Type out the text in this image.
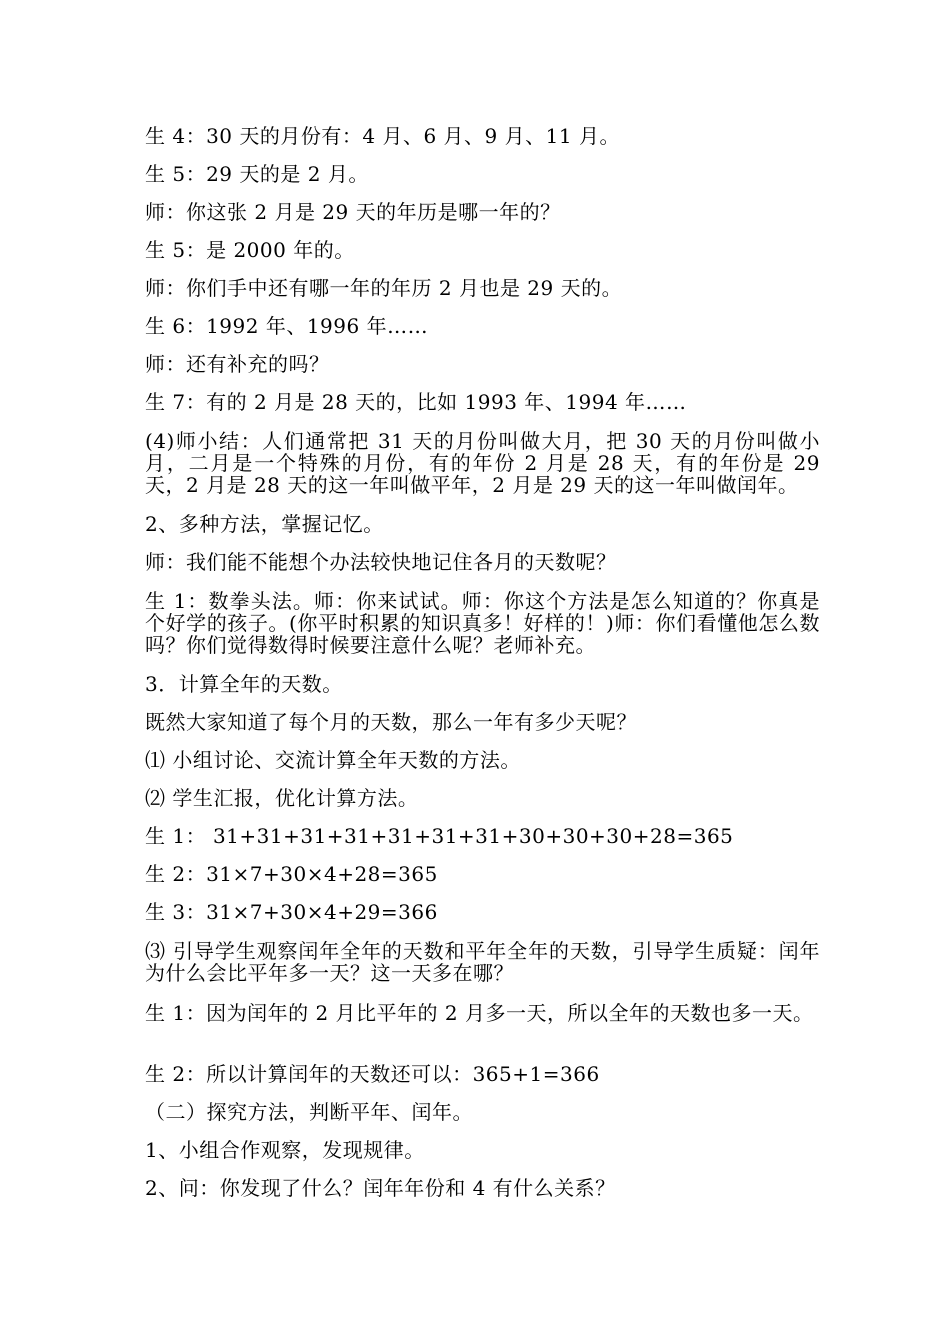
生 4：30 天的月份有：4 月、6 月、9 月、11 月。
生 5：29 天的是 2 月。
师：你这张 2 月是 29 天的年历是哪一年的？
生 5：是 2000 年的。
师：你们手中还有哪一年的年历 2 月也是 29 天的。
生 6：1992 年、1996 年……
师：还有补充的吗？
生 7：有的 2 月是 28 天的，比如 1993 年、1994 年……
(4)师小结：人们通常把 31 天的月份叫做大月，把 30 天的月份叫做小月，二月是一个特殊的月份，有的年份 2 月是 28 天，有的年份是 29 天，2 月是 28 天的这一年叫做平年，2 月是 29 天的这一年叫做闰年。
2、多种方法，掌握记忆。
师：我们能不能想个办法较快地记住各月的天数呢？
生 1：数拳头法。师：你来试试。师：你这个方法是怎么知道的？你真是个好学的孩子。(你平时积累的知识真多！好样的！)师：你们看懂他怎么数吗？你们觉得数得时候要注意什么呢？老师补充。
3．计算全年的天数。
既然大家知道了每个月的天数，那么一年有多少天呢？
⑴ 小组讨论、交流计算全年天数的方法。
⑵ 学生汇报，优化计算方法。
生 1： 31+31+31+31+31+31+31+30+30+30+28=365
生 2：31×7+30×4+28=365
生 3：31×7+30×4+29=366
⑶ 引导学生观察闰年全年的天数和平年全年的天数，引导学生质疑：闰年为什么会比平年多一天？这一天多在哪？
生 1：因为闰年的 2 月比平年的 2 月多一天，所以全年的天数也多一天。
生 2：所以计算闰年的天数还可以：365+1=366
（二）探究方法，判断平年、闰年。
1、小组合作观察，发现规律。
2、问：你发现了什么？闰年年份和 4 有什么关系？
